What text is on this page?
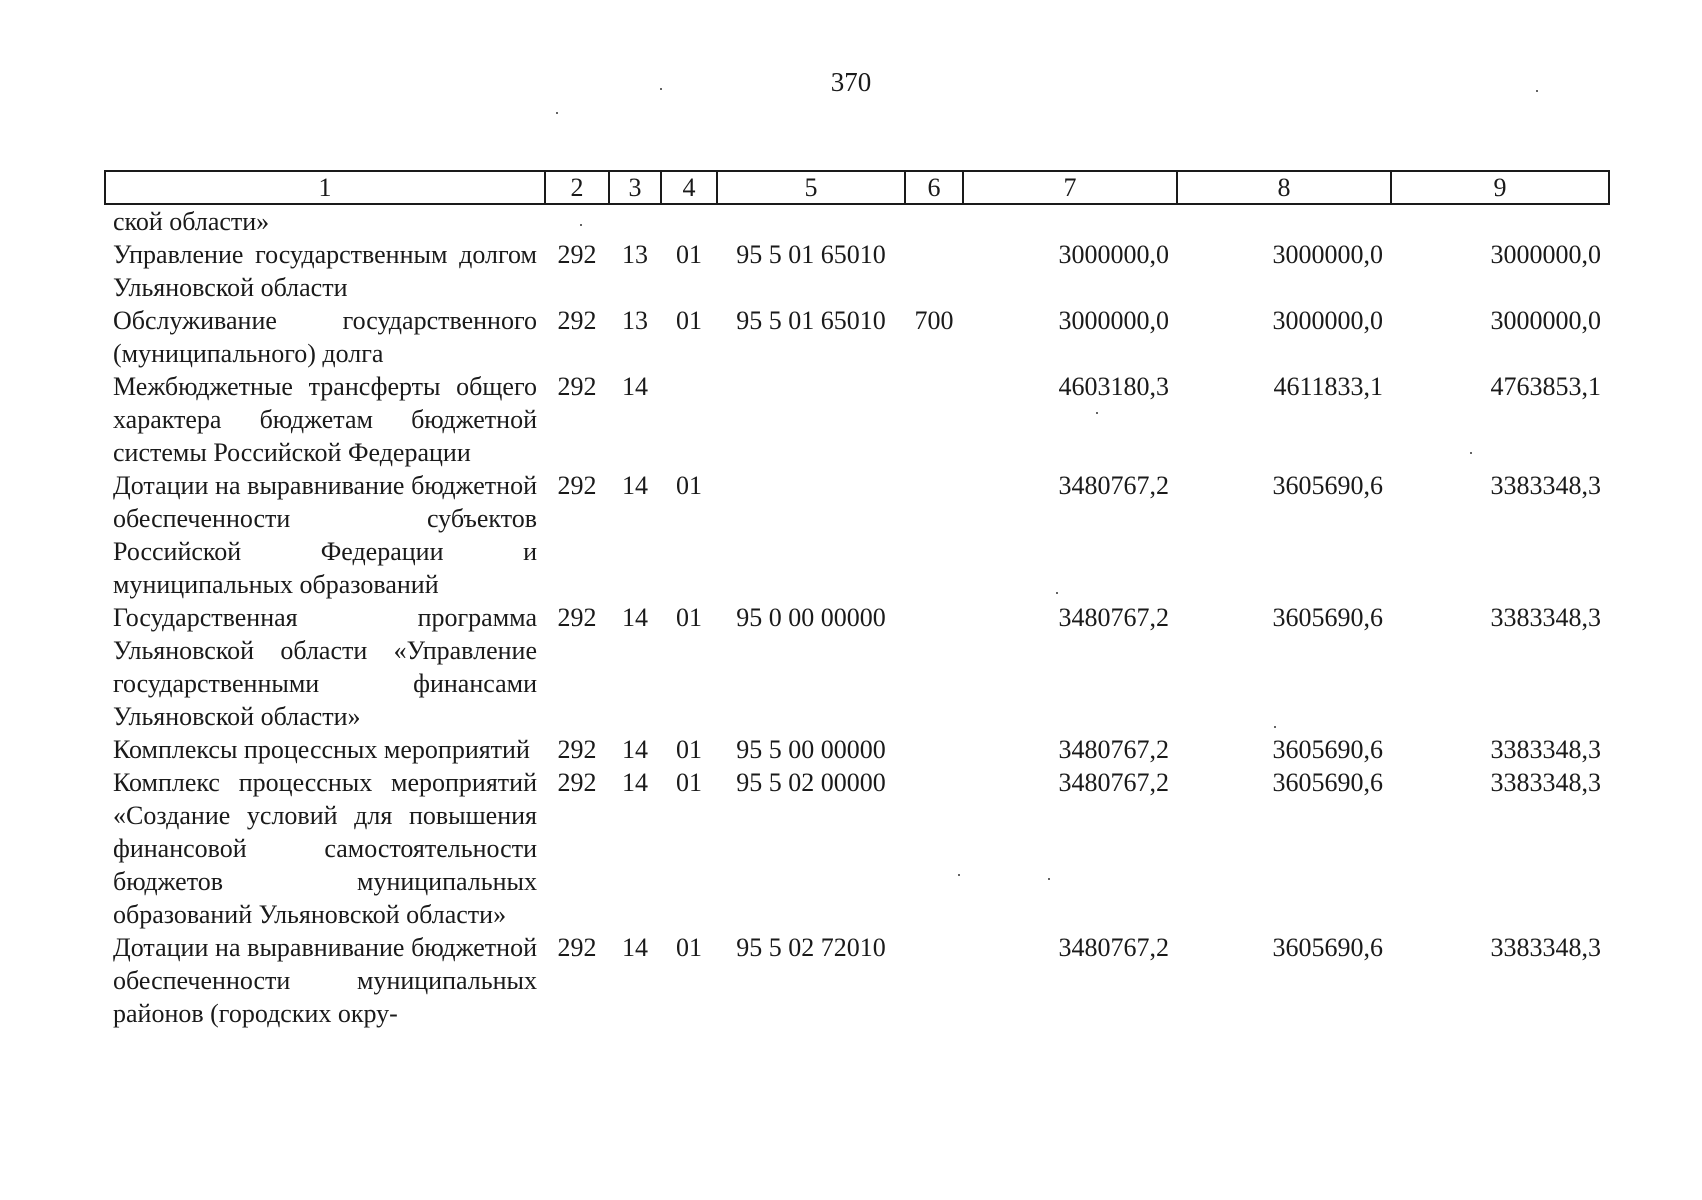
370
1	2	3	4	5	6	7	8	9
ской области»								
Управление государственным долгом Ульяновской области	292	13	01	95 5 01 65010		3000000,0	3000000,0	3000000,0
Обслуживание государственного (муниципального) долга	292	13	01	95 5 01 65010	700	3000000,0	3000000,0	3000000,0
Межбюджетные трансферты общего характера бюджетам бюджетной системы Российской Федерации	292	14				4603180,3	4611833,1	4763853,1
Дотации на выравнивание бюджетной обеспеченности субъектов Российской Федерации и муниципальных образований	292	14	01			3480767,2	3605690,6	3383348,3
Государственная программа Ульяновской области «Управление государственными финансами Ульяновской области»	292	14	01	95 0 00 00000		3480767,2	3605690,6	3383348,3
Комплексы процессных мероприятий	292	14	01	95 5 00 00000		3480767,2	3605690,6	3383348,3
Комплекс процессных мероприятий «Создание условий для повышения финансовой самостоятельности бюджетов муниципальных образований Ульяновской области»	292	14	01	95 5 02 00000		3480767,2	3605690,6	3383348,3
Дотации на выравнивание бюджетной обеспеченности муниципальных районов (городских окру-	292	14	01	95 5 02 72010		3480767,2	3605690,6	3383348,3
